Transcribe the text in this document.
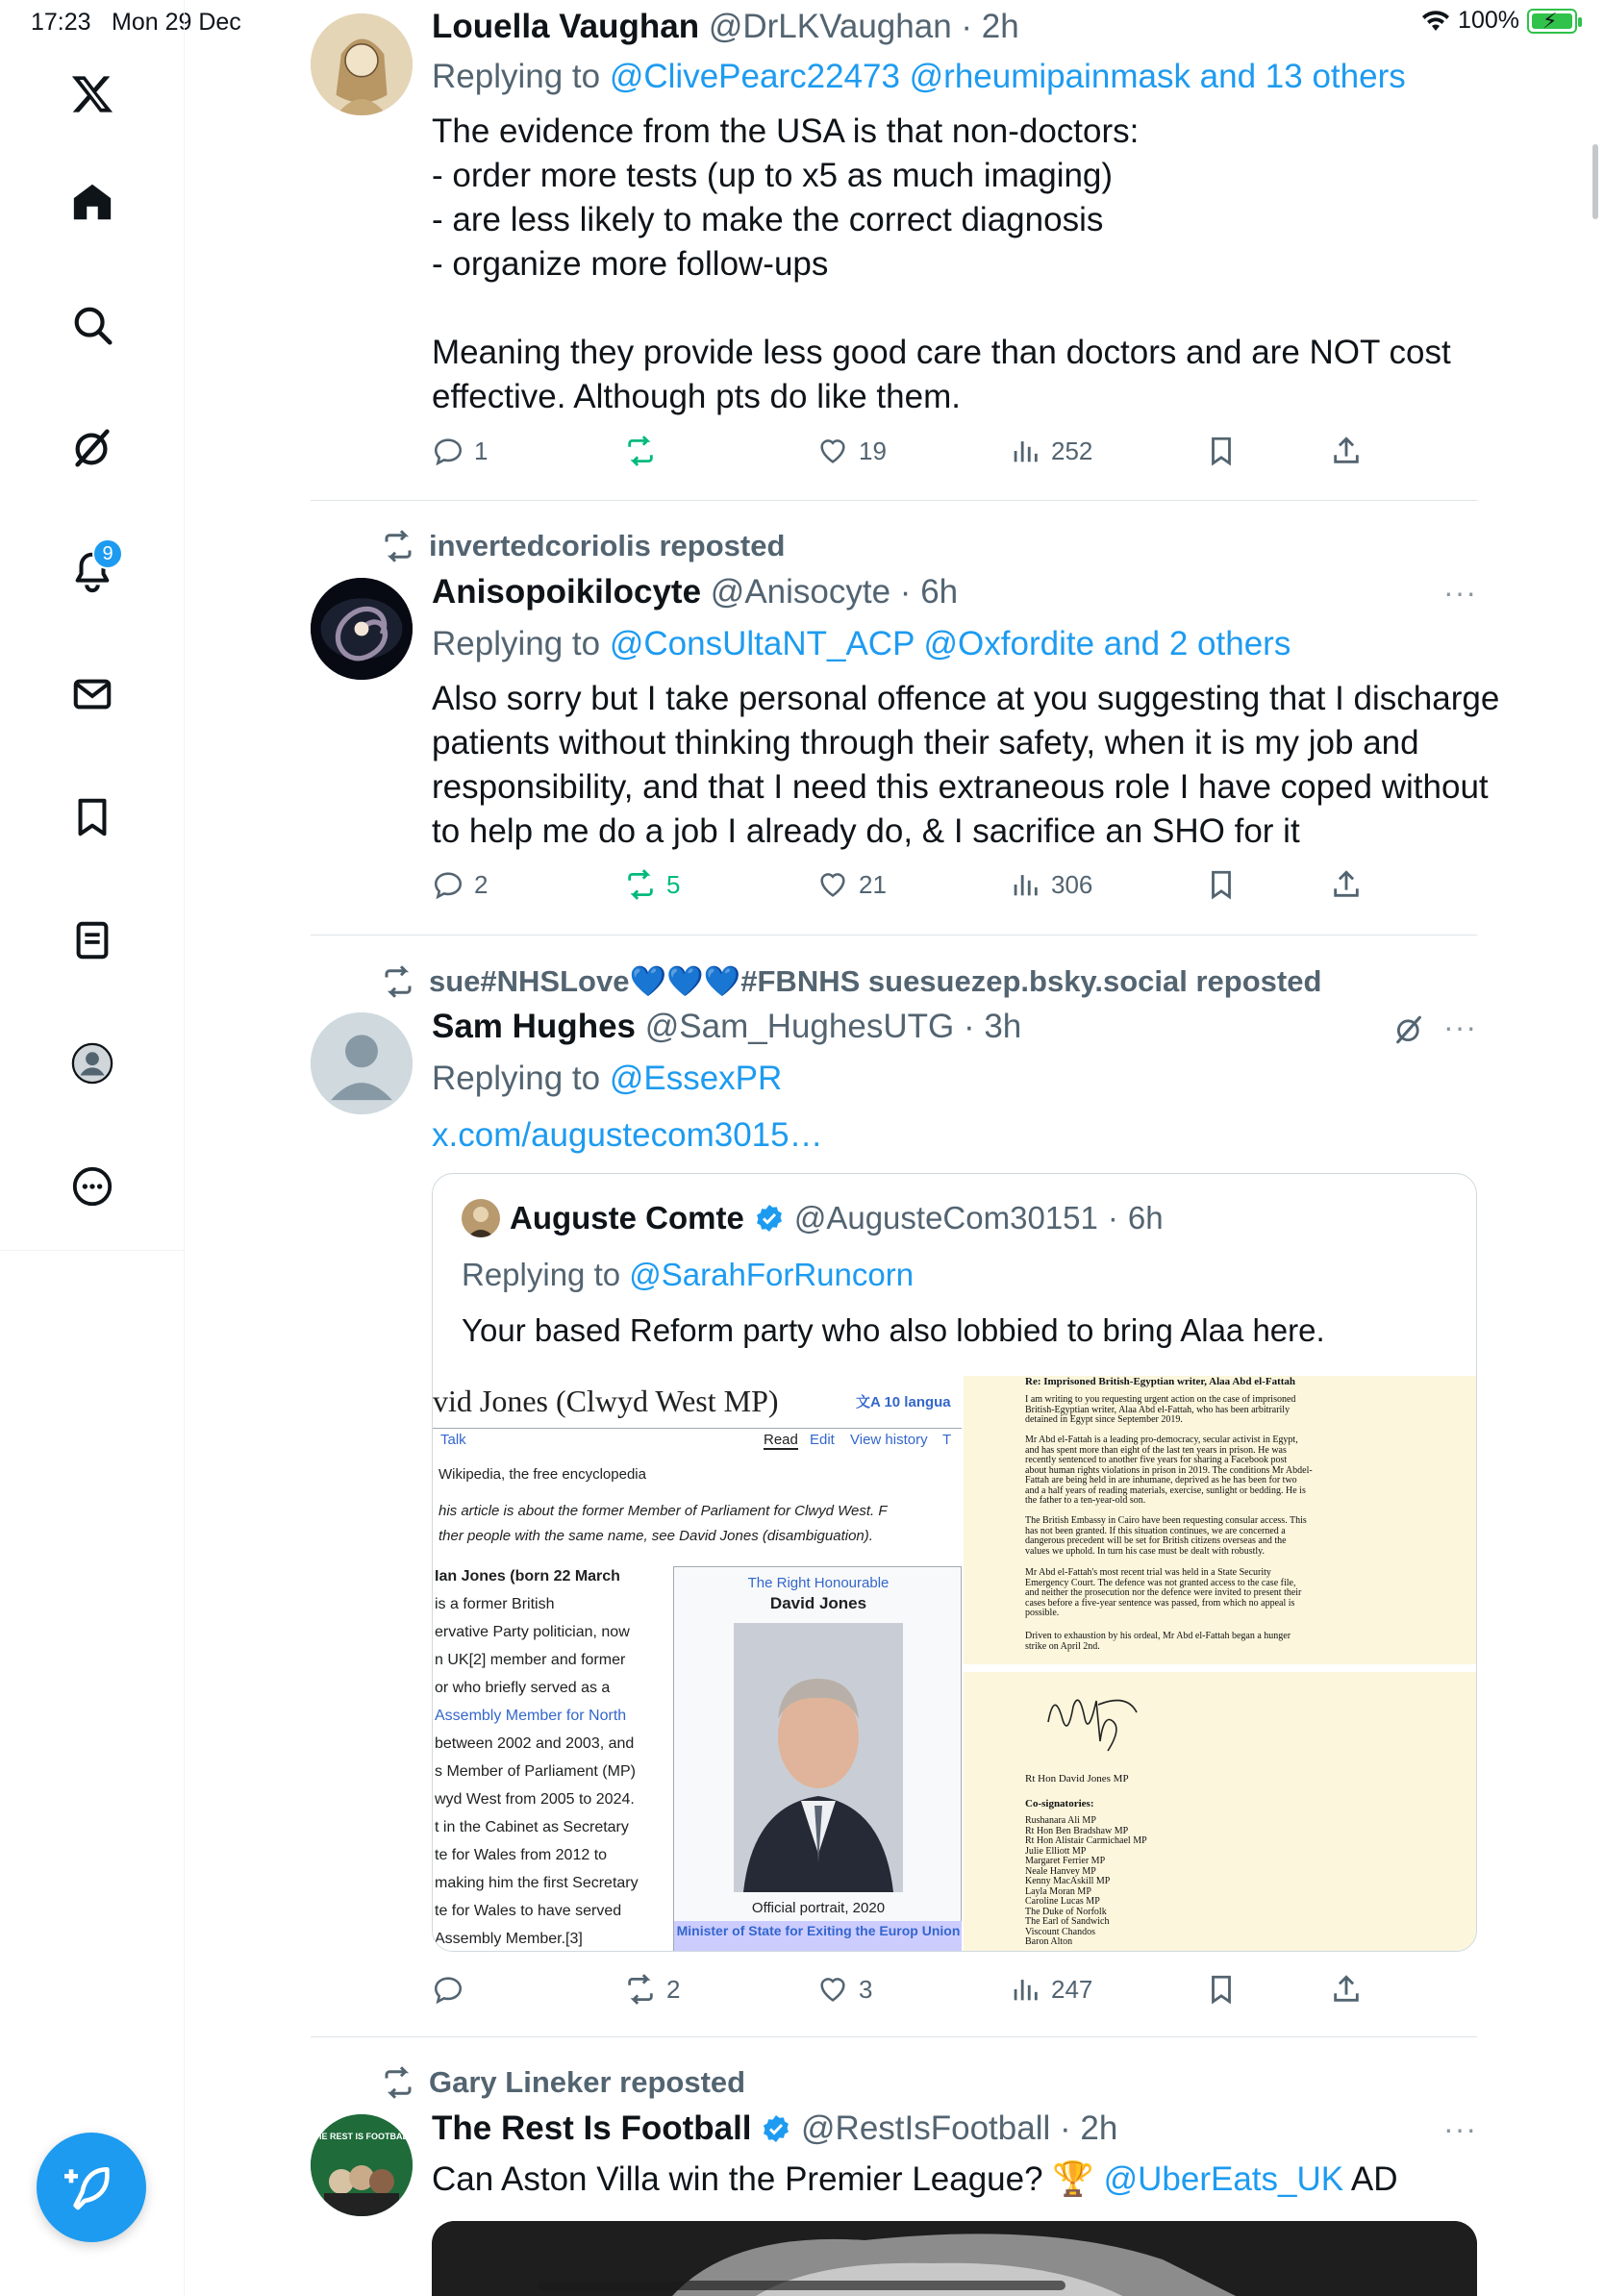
17:23 Mon 29 Dec	100% ⚡
9
Louella Vaughan @DrLKVaughan · 2h
Replying to @ClivePearc22473 @rheumipainmask and 13 others
The evidence from the USA is that non-doctors:
- order more tests (up to x5 as much imaging)
- are less likely to make the correct diagnosis
- organize more follow-ups
Meaning they provide less good care than doctors and are NOT cost
effective. Although pts do like them.
1	19	252
invertedcoriolis reposted
···
Anisopoikilocyte @Anisocyte · 6h
Replying to @ConsUltaNT_ACP @Oxfordite and 2 others
Also sorry but I take personal offence at you suggesting that I discharge
patients without thinking through their safety, when it is my job and
responsibility, and that I need this extraneous role I have coped without
to help me do a job I already do, & I sacrifice an SHO for it
2	5	21	306
sue#NHSLove💙💙💙#FBNHS suesuezep.bsky.social reposted
···
Sam Hughes @Sam_HughesUTG · 3h
Replying to @EssexPR
x.com/augustecom3015…
Auguste Comte @AugusteCom30151 · 6h
Replying to @SarahForRuncorn
Your based Reform party who also lobbied to bring Alaa here.
vid Jones (Clwyd West MP)	文A 10 langua
Talk	Read Edit View history T
Wikipedia, the free encyclopedia
his article is about the former Member of Parliament for Clwyd West. F
ther people with the same name, see David Jones (disambiguation).
Ian Jones (born 22 March
is a former British
ervative Party politician, now
n UK[2] member and former
or who briefly served as a
Assembly Member for North
between 2002 and 2003, and
s Member of Parliament (MP)
wyd West from 2005 to 2024.
t in the Cabinet as Secretary
te for Wales from 2012 to
making him the first Secretary
te for Wales to have served
Assembly Member.[3]
The Right Honourable
David Jones
Official portrait, 2020
Minister of State for Exiting the Europ Union
Re: Imprisoned British-Egyptian writer, Alaa Abd el-Fattah
I am writing to you requesting urgent action on the case of imprisoned
British-Egyptian writer, Alaa Abd el-Fattah, who has been arbitrarily
detained in Egypt since September 2019.
Mr Abd el-Fattah is a leading pro-democracy, secular activist in Egypt,
and has spent more than eight of the last ten years in prison. He was
recently sentenced to another five years for sharing a Facebook post
about human rights violations in prison in 2019. The conditions Mr Abdel-
Fattah are being held in are inhumane, deprived as he has been for two
and a half years of reading materials, exercise, sunlight or bedding. He is
the father to a ten-year-old son.
The British Embassy in Cairo have been requesting consular access. This
has not been granted. If this situation continues, we are concerned a
dangerous precedent will be set for British citizens overseas and the
values we uphold. In turn his case must be dealt with robustly.
Mr Abd el-Fattah's most recent trial was held in a State Security
Emergency Court. The defence was not granted access to the case file,
and neither the prosecution nor the defence were invited to present their
cases before a five-year sentence was passed, from which no appeal is
possible.
Driven to exhaustion by his ordeal, Mr Abd el-Fattah began a hunger
strike on April 2nd.
Rt Hon David Jones MP
Co-signatories:
Rushanara Ali MP
Rt Hon Ben Bradshaw MP
Rt Hon Alistair Carmichael MP
Julie Elliott MP
Margaret Ferrier MP
Neale Hanvey MP
Kenny MacAskill MP
Layla Moran MP
Caroline Lucas MP
The Duke of Norfolk
The Earl of Sandwich
Viscount Chandos
Baron Alton
2	3	247
Gary Lineker reposted
THE REST IS FOOTBALL	···
The Rest Is Football @RestIsFootball · 2h
Can Aston Villa win the Premier League? 🏆 @UberEats_UK AD
